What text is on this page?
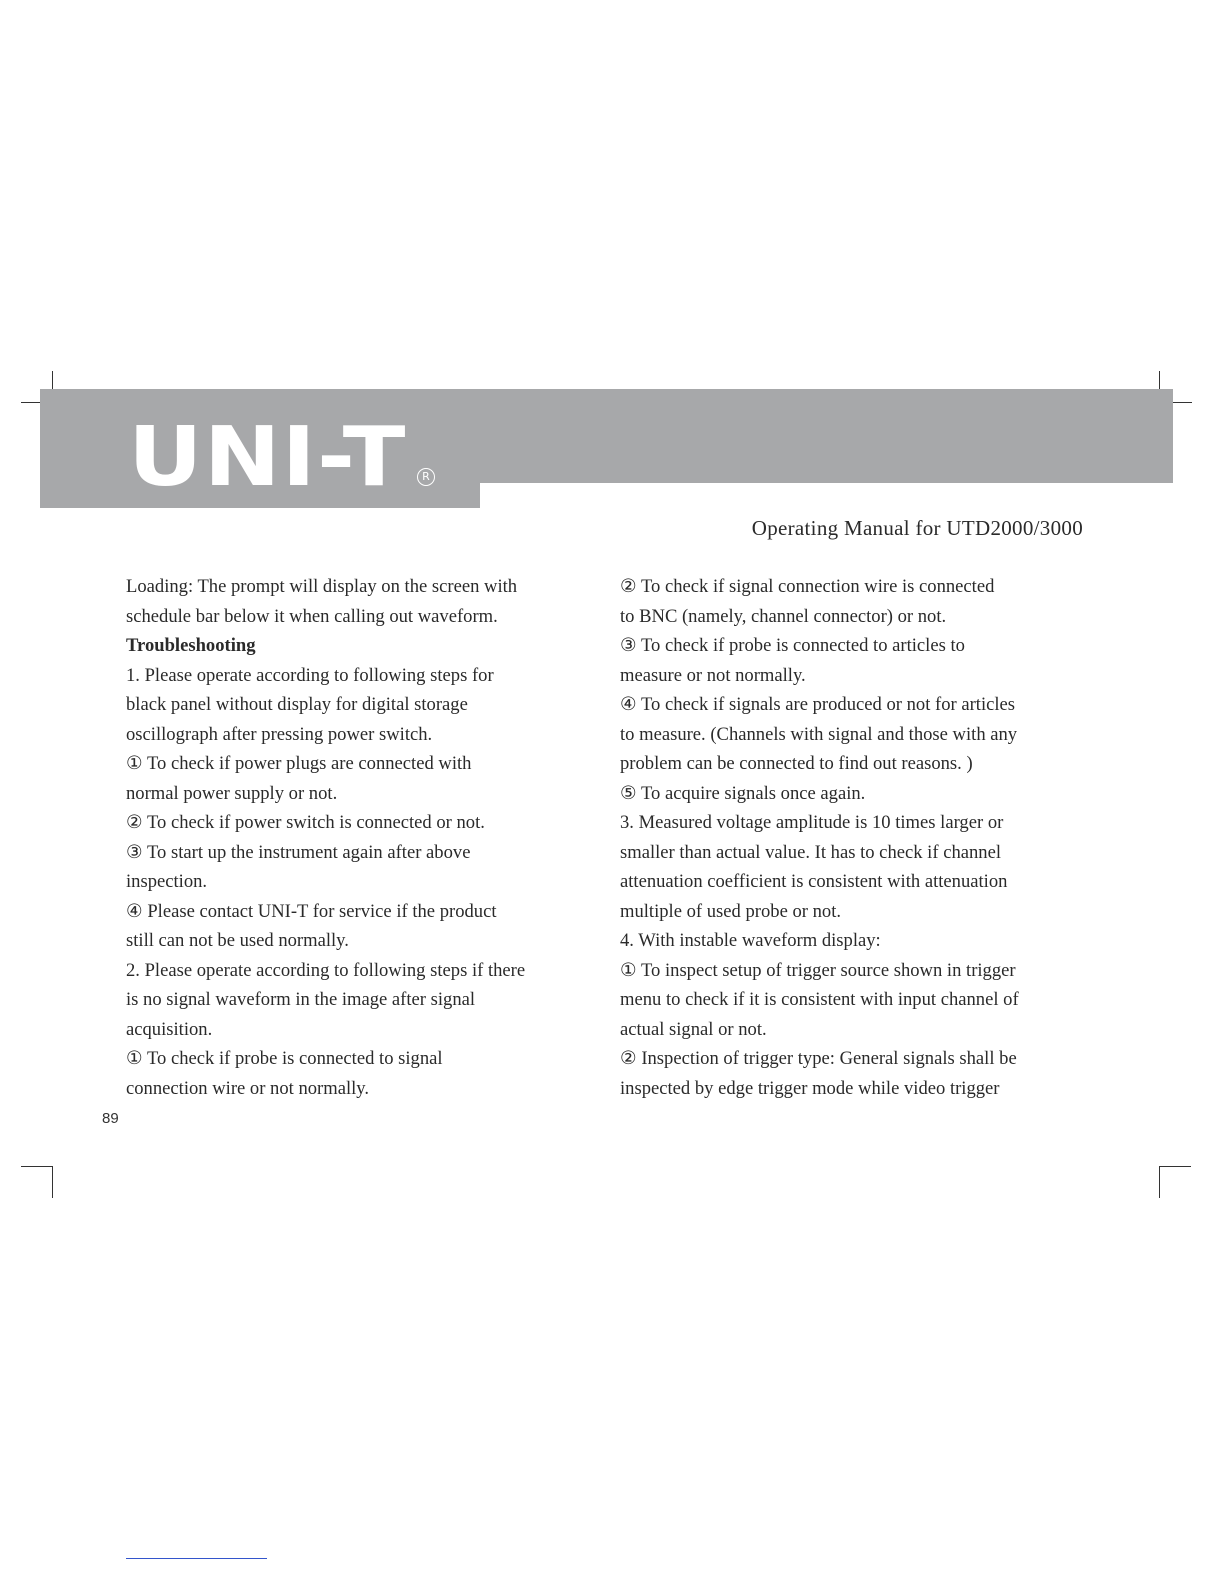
UNI-T	R
Operating Manual for UTD2000/3000

Loading: The prompt will display on the screen with

schedule bar below it when calling out waveform.

Troubleshooting

1. Please operate according to following steps for

black panel without display for digital storage

oscillograph after pressing power switch.

① To check if power plugs are connected with

normal power supply or not.

② To check if power switch is connected or not.

③ To start up the instrument again after above

inspection.

④ Please contact UNI-T for service if the product

still can not be used normally.

2. Please operate according to following steps if there

is no signal waveform in the image after signal

acquisition.

① To check if probe is connected to signal

connection wire or not normally.

② To check if signal connection wire is connected

to BNC (namely, channel connector) or not.

③ To check if probe is connected to articles to

measure or not normally.

④ To check if signals are produced or not for articles

to measure. (Channels with signal and those with any

problem can be connected to find out reasons. )

⑤ To acquire signals once again.

3. Measured voltage amplitude is 10 times larger or

smaller than actual value. It has to check if channel

attenuation coefficient is consistent with attenuation

multiple of used probe or not.

4. With instable waveform display:

① To inspect setup of trigger source shown in trigger

menu to check if it is consistent with input channel of

actual signal or not.

② Inspection of trigger type: General signals shall be

inspected by edge trigger mode while video trigger

89
